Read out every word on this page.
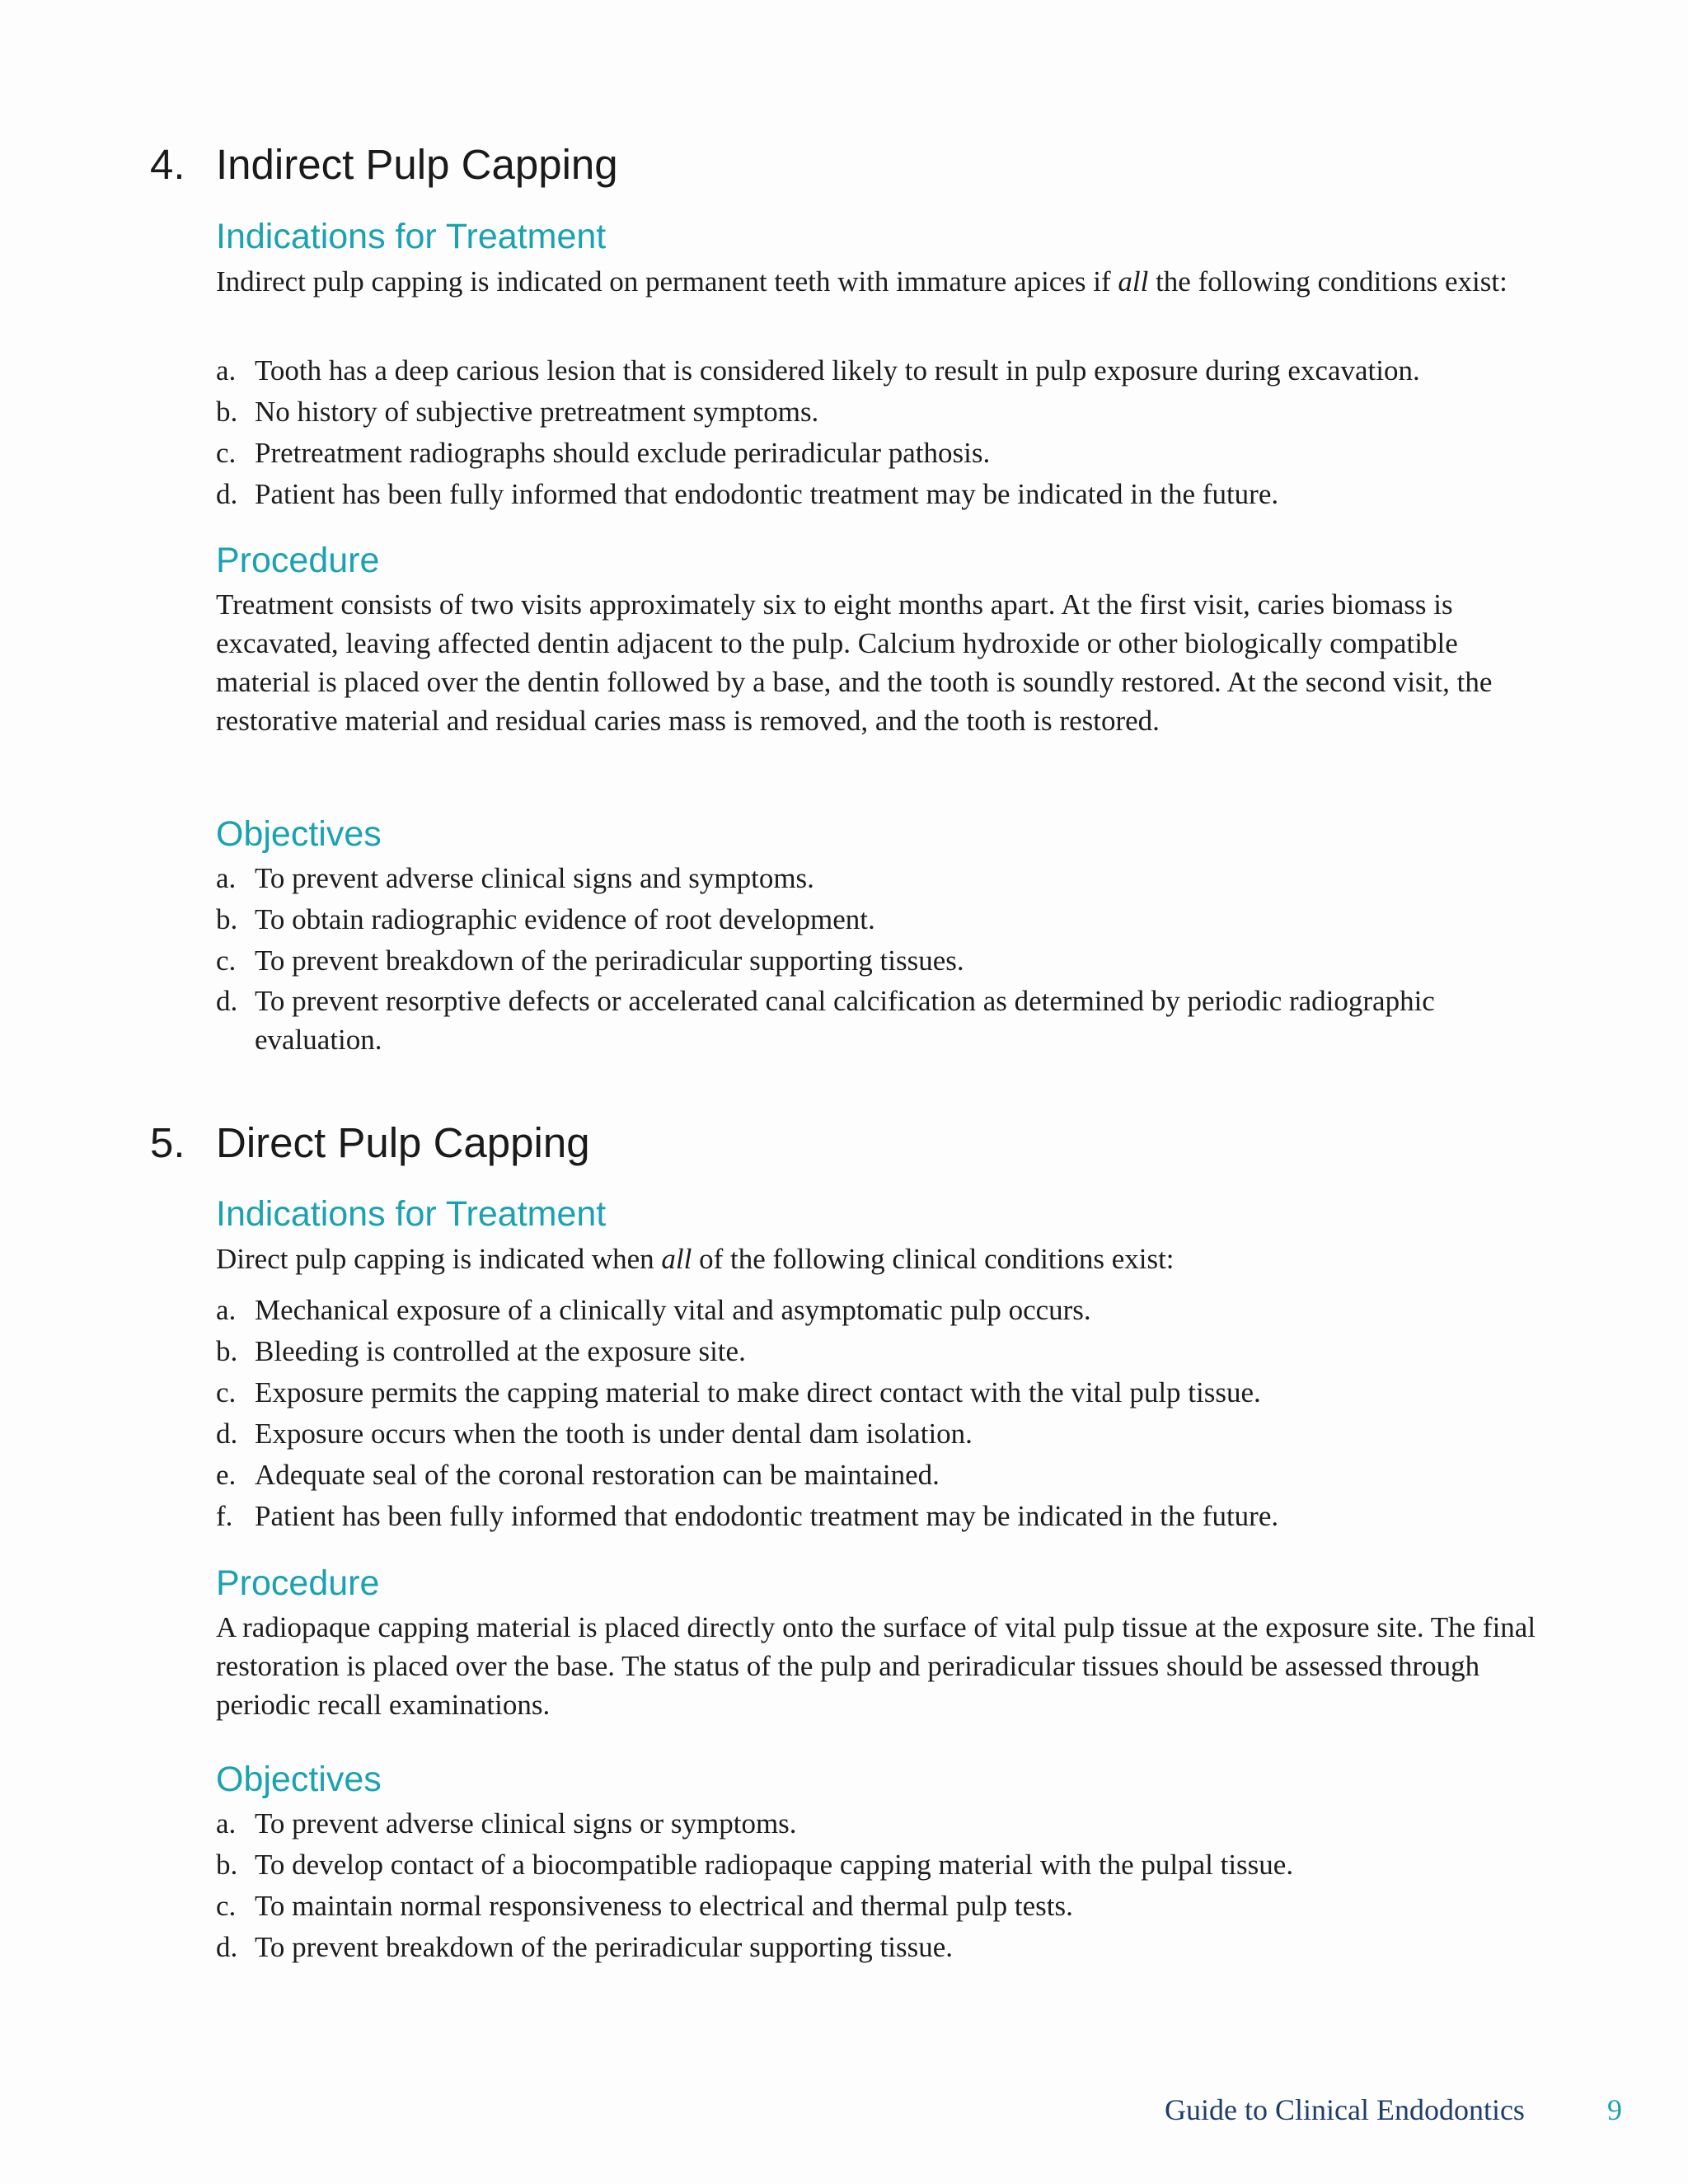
4. Indirect Pulp Capping
Indications for Treatment

Indirect pulp capping is indicated on permanent teeth with immature apices if all the following conditions exist:

a. Tooth has a deep carious lesion that is considered likely to result in pulp exposure during excavation.
b. No history of subjective pretreatment symptoms.
c. Pretreatment radiographs should exclude periradicular pathosis.
d. Patient has been fully informed that endodontic treatment may be indicated in the future.
Procedure

Treatment consists of two visits approximately six to eight months apart. At the first visit, caries biomass is excavated, leaving affected dentin adjacent to the pulp. Calcium hydroxide or other biologically compatible material is placed over the dentin followed by a base, and the tooth is soundly restored. At the second visit, the restorative material and residual caries mass is removed, and the tooth is restored.

Objectives
a. To prevent adverse clinical signs and symptoms.
b. To obtain radiographic evidence of root development.
c. To prevent breakdown of the periradicular supporting tissues.
d. To prevent resorptive defects or accelerated canal calcification as determined by periodic radiographic evaluation.
5. Direct Pulp Capping
Indications for Treatment

Direct pulp capping is indicated when all of the following clinical conditions exist:

a. Mechanical exposure of a clinically vital and asymptomatic pulp occurs.
b. Bleeding is controlled at the exposure site.
c. Exposure permits the capping material to make direct contact with the vital pulp tissue.
d. Exposure occurs when the tooth is under dental dam isolation.
e. Adequate seal of the coronal restoration can be maintained.
f. Patient has been fully informed that endodontic treatment may be indicated in the future.
Procedure

A radiopaque capping material is placed directly onto the surface of vital pulp tissue at the exposure site. The final restoration is placed over the base. The status of the pulp and periradicular tissues should be assessed through periodic recall examinations.

Objectives
a. To prevent adverse clinical signs or symptoms.
b. To develop contact of a biocompatible radiopaque capping material with the pulpal tissue.
c. To maintain normal responsiveness to electrical and thermal pulp tests.
d. To prevent breakdown of the periradicular supporting tissue.
Guide to Clinical Endodontics	9
